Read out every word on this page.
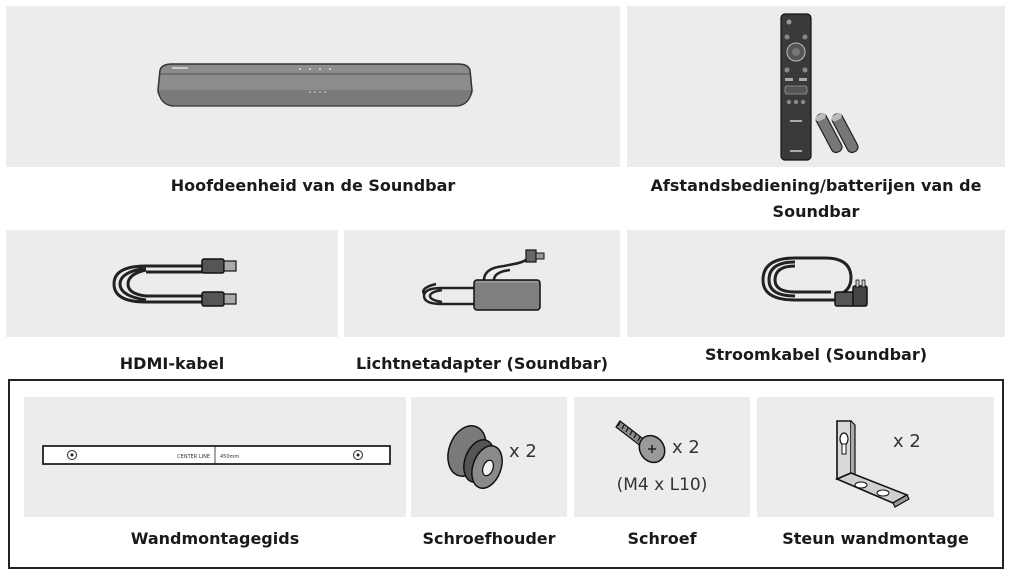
Hoofdeenheid van de Soundbar	Afstandsbediening/batterijen van de
Soundbar
HDMI-kabel	Lichtnetadapter (Soundbar)	Stroomkabel (Soundbar)
CENTER LINE 450mm
Wandmontagegids
x 2
Schroefhouder
x 2
(M4 x L10)
Schroef
x 2
Steun wandmontage
